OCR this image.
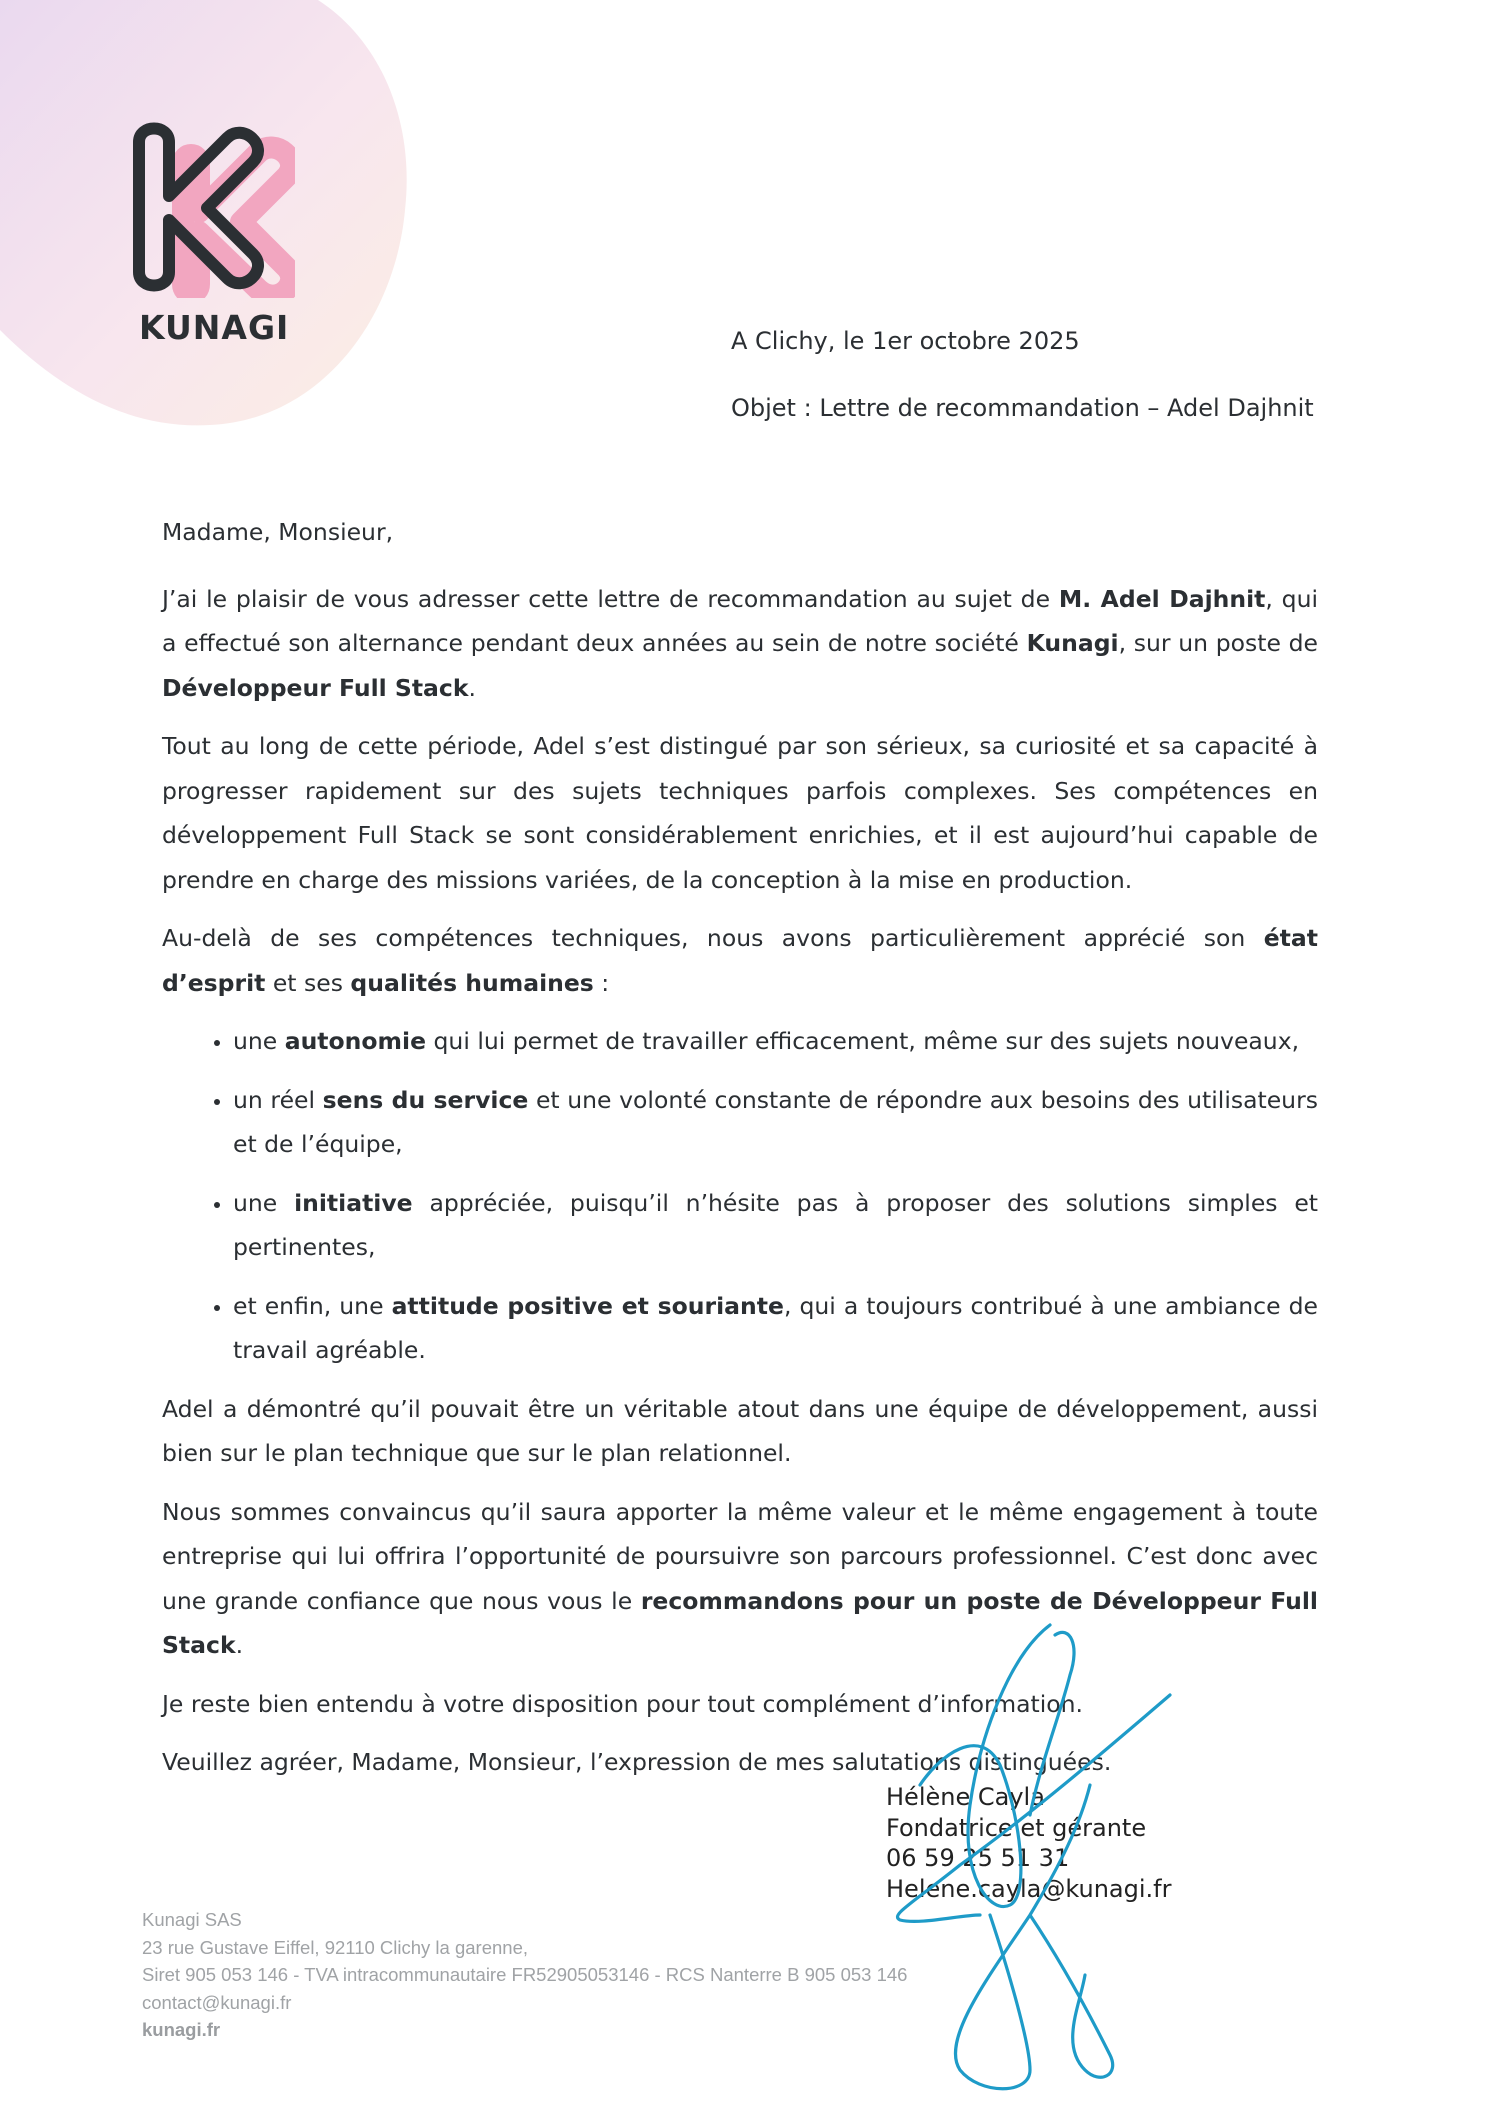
KUNAGI	A Clichy, le 1er octobre 2025
Objet : Lettre de recommandation – Adel Dajhnit

Madame, Monsieur,

J’ai le plaisir de vous adresser cette lettre de recommandation au sujet de M. Adel Dajhnit, qui a effectué son alternance pendant deux années au sein de notre société Kunagi, sur un poste de Développeur Full Stack.

Tout au long de cette période, Adel s’est distingué par son sérieux, sa curiosité et sa capacité à progresser rapidement sur des sujets techniques parfois complexes. Ses compétences en développement Full Stack se sont considérablement enrichies, et il est aujourd’hui capable de prendre en charge des missions variées, de la conception à la mise en production.

Au-delà de ses compétences techniques, nous avons particulièrement apprécié son état d’esprit et ses qualités humaines :

• une autonomie qui lui permet de travailler efficacement, même sur des sujets nouveaux,
• un réel sens du service et une volonté constante de répondre aux besoins des utilisateurs et de l’équipe,
• une initiative appréciée, puisqu’il n’hésite pas à proposer des solutions simples et pertinentes,
• et enfin, une attitude positive et souriante, qui a toujours contribué à une ambiance de travail agréable.

Adel a démontré qu’il pouvait être un véritable atout dans une équipe de développement, aussi bien sur le plan technique que sur le plan relationnel.

Nous sommes convaincus qu’il saura apporter la même valeur et le même engagement à toute entreprise qui lui offrira l’opportunité de poursuivre son parcours professionnel. C’est donc avec une grande confiance que nous vous le recommandons pour un poste de Développeur Full Stack.

Je reste bien entendu à votre disposition pour tout complément d’information.

Veuillez agréer, Madame, Monsieur, l’expression de mes salutations distinguées.

Hélène Cayla
Fondatrice et gérante
06 59 25 51 31
Helene.cayla@kunagi.fr
Kunagi SAS
23 rue Gustave Eiffel, 92110 Clichy la garenne,
Siret 905 053 146 - TVA intracommunautaire FR52905053146 - RCS Nanterre B 905 053 146
contact@kunagi.fr
kunagi.fr
